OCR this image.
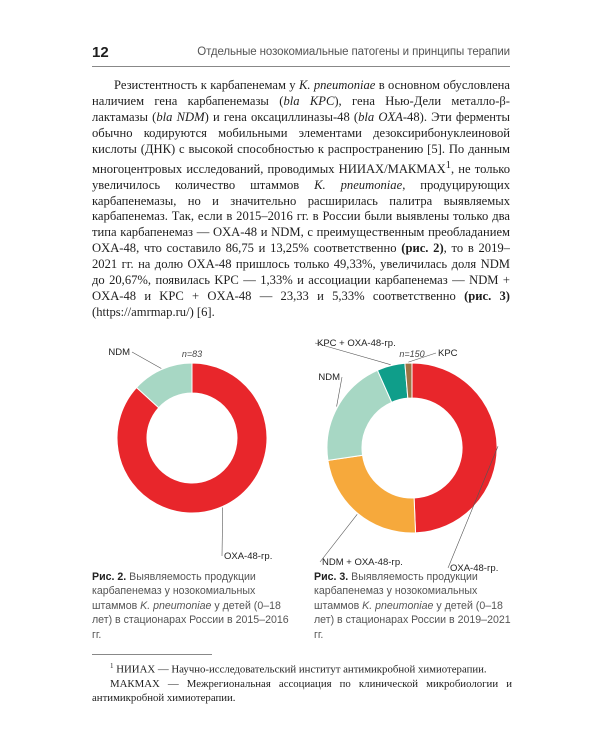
12	Отдельные нозокомиальные патогены и принципы терапии

Резистентность к карбапенемам у K. pneumoniae в основном обусловлена наличием гена карбапенемазы (bla KPC), гена Нью-Дели металло-β-лактамазы (bla NDM) и гена оксациллиназы-48 (bla OXA-48). Эти ферменты обычно кодируются мобильными элементами дезоксирибонуклеиновой кислоты (ДНК) с высокой способностью к распространению [5]. По данным многоцентровых исследований, проводимых НИИАХ/МАКМАХ$^1$, не только увеличилось количество штаммов K. pneumoniae, продуцирующих карбапенемазы, но и значительно расширилась палитра выявляемых карбапенемаз. Так, если в 2015–2016 гг. в России были выявлены только два типа карбапенемаз — OXA-48 и NDM, с преимущественным преобладанием OXA-48, что составило 86,75 и 13,25% соответственно (рис. 2), то в 2019–2021 гг. на долю OXA-48 пришлось только 49,33%, увеличилась доля NDM до 20,67%, появилась KPC — 1,33% и ассоциации карбапенемаз — NDM + OXA-48 и KPC + OXA-48 — 23,33 и 5,33% соответственно (рис. 3) (https://amrmap.ru/) [6].

n=83
OXA-48-гр.
NDM	n=150
OXA-48-гр.
NDM + OXA-48-гр.
NDM
KPC + OXA-48-гр.
KPC

Рис. 2. Выявляемость продукции карбапенемаз у нозокомиальных штаммов K. pneumoniae у детей (0–18 лет) в стационарах России в 2015–2016 гг.

Рис. 3. Выявляемость продукции карбапенемаз у нозокомиальных штаммов K. pneumoniae у детей (0–18 лет) в стационарах России в 2019–2021 гг.

$^1$ НИИАХ — Научно-исследовательский институт антимикробной химиотерапии.

МАКМАХ — Межрегиональная ассоциация по клинической микробиологии и антимикробной химиотерапии.
